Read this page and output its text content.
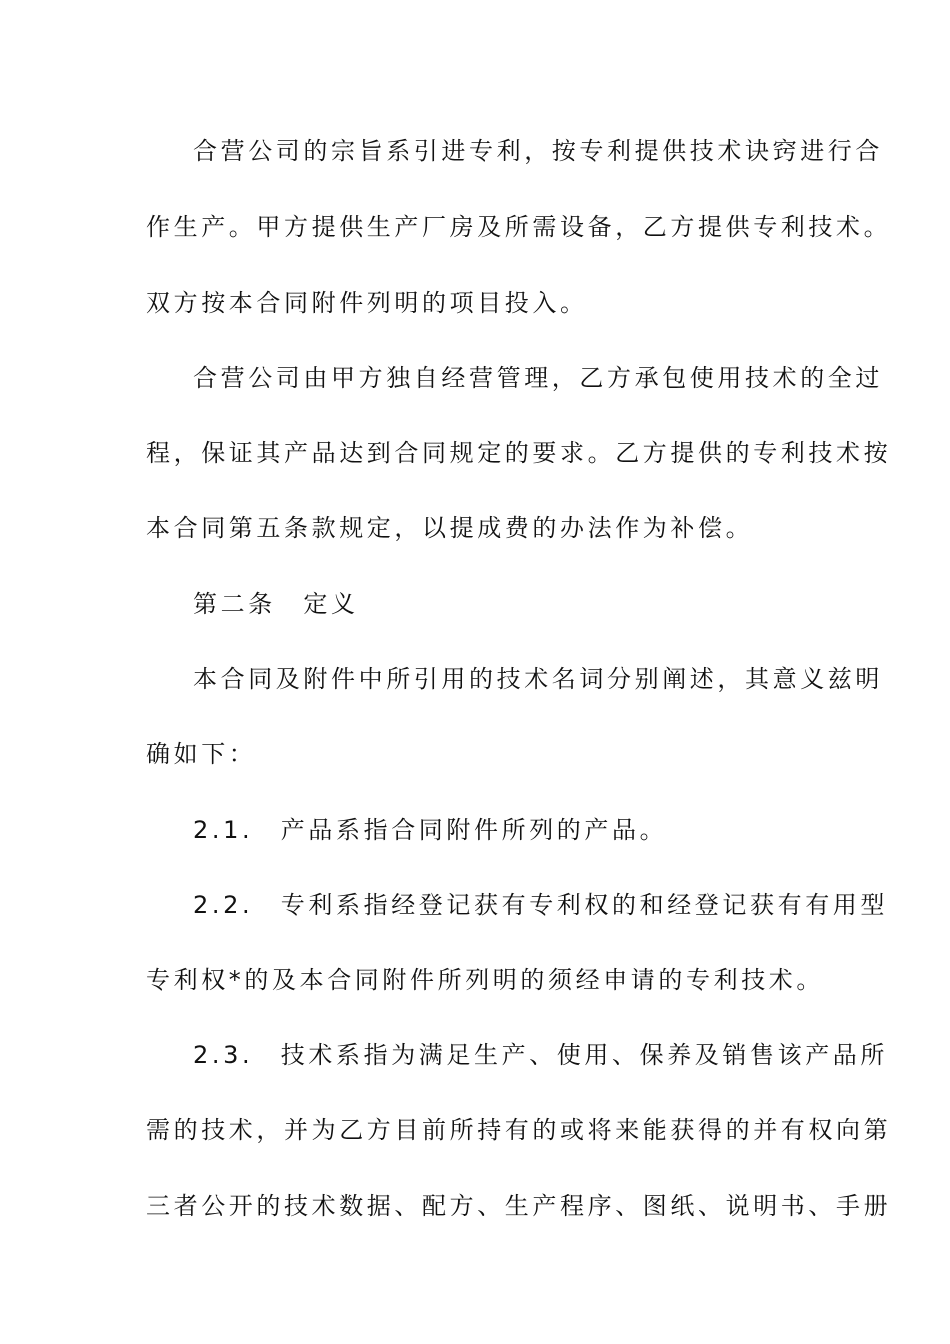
合营公司的宗旨系引进专利，按专利提供技术诀窍进行合
作生产。甲方提供生产厂房及所需设备，乙方提供专利技术。
双方按本合同附件列明的项目投入。
合营公司由甲方独自经营管理，乙方承包使用技术的全过
程，保证其产品达到合同规定的要求。乙方提供的专利技术按
本合同第五条款规定，以提成费的办法作为补偿。
第二条　定义
本合同及附件中所引用的技术名词分别阐述，其意义兹明
确如下：
2.1.　产品系指合同附件所列的产品。
2.2.　专利系指经登记获有专利权的和经登记获有有用型
专利权*的及本合同附件所列明的须经申请的专利技术。
2.3.　技术系指为满足生产、使用、保养及销售该产品所
需的技术，并为乙方目前所持有的或将来能获得的并有权向第
三者公开的技术数据、配方、生产程序、图纸、说明书、手册
